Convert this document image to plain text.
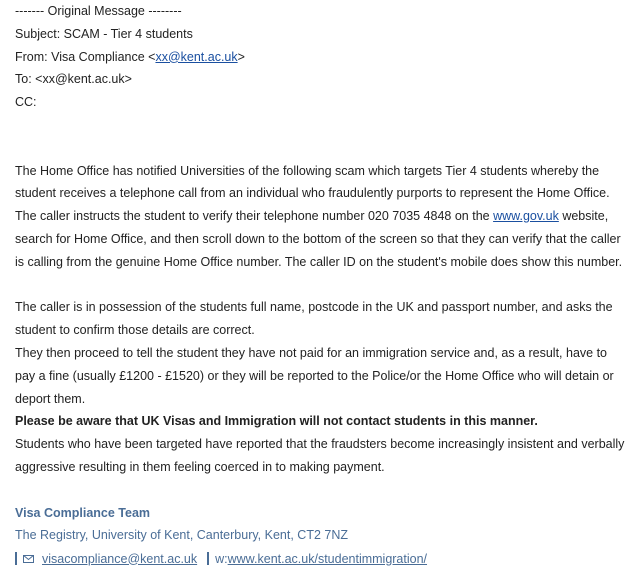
------- Original Message --------
Subject: SCAM - Tier 4 students
From: Visa Compliance <xx@kent.ac.uk>
To: <xx@kent.ac.uk>
CC:

The Home Office has notified Universities of the following scam which targets Tier 4 students whereby the student receives a telephone call from an individual who fraudulently purports to represent the Home Office. The caller instructs the student to verify their telephone number 020 7035 4848 on the www.gov.uk website, search for Home Office, and then scroll down to the bottom of the screen so that they can verify that the caller is calling from the genuine Home Office number. The caller ID on the student's mobile does show this number.

The caller is in possession of the students full name, postcode in the UK and passport number, and asks the student to confirm those details are correct.
They then proceed to tell the student they have not paid for an immigration service and, as a result, have to pay a fine (usually £1200 - £1520) or they will be reported to the Police/or the Home Office who will detain or deport them.
Please be aware that UK Visas and Immigration will not contact students in this manner.
Students who have been targeted have reported that the fraudsters become increasingly insistent and verbally aggressive resulting in them feeling coerced in to making payment.
Visa Compliance Team
The Registry, University of Kent, Canterbury, Kent, CT2 7NZ
visacompliance@kent.ac.uk w: www.kent.ac.uk/studentimmigration/
